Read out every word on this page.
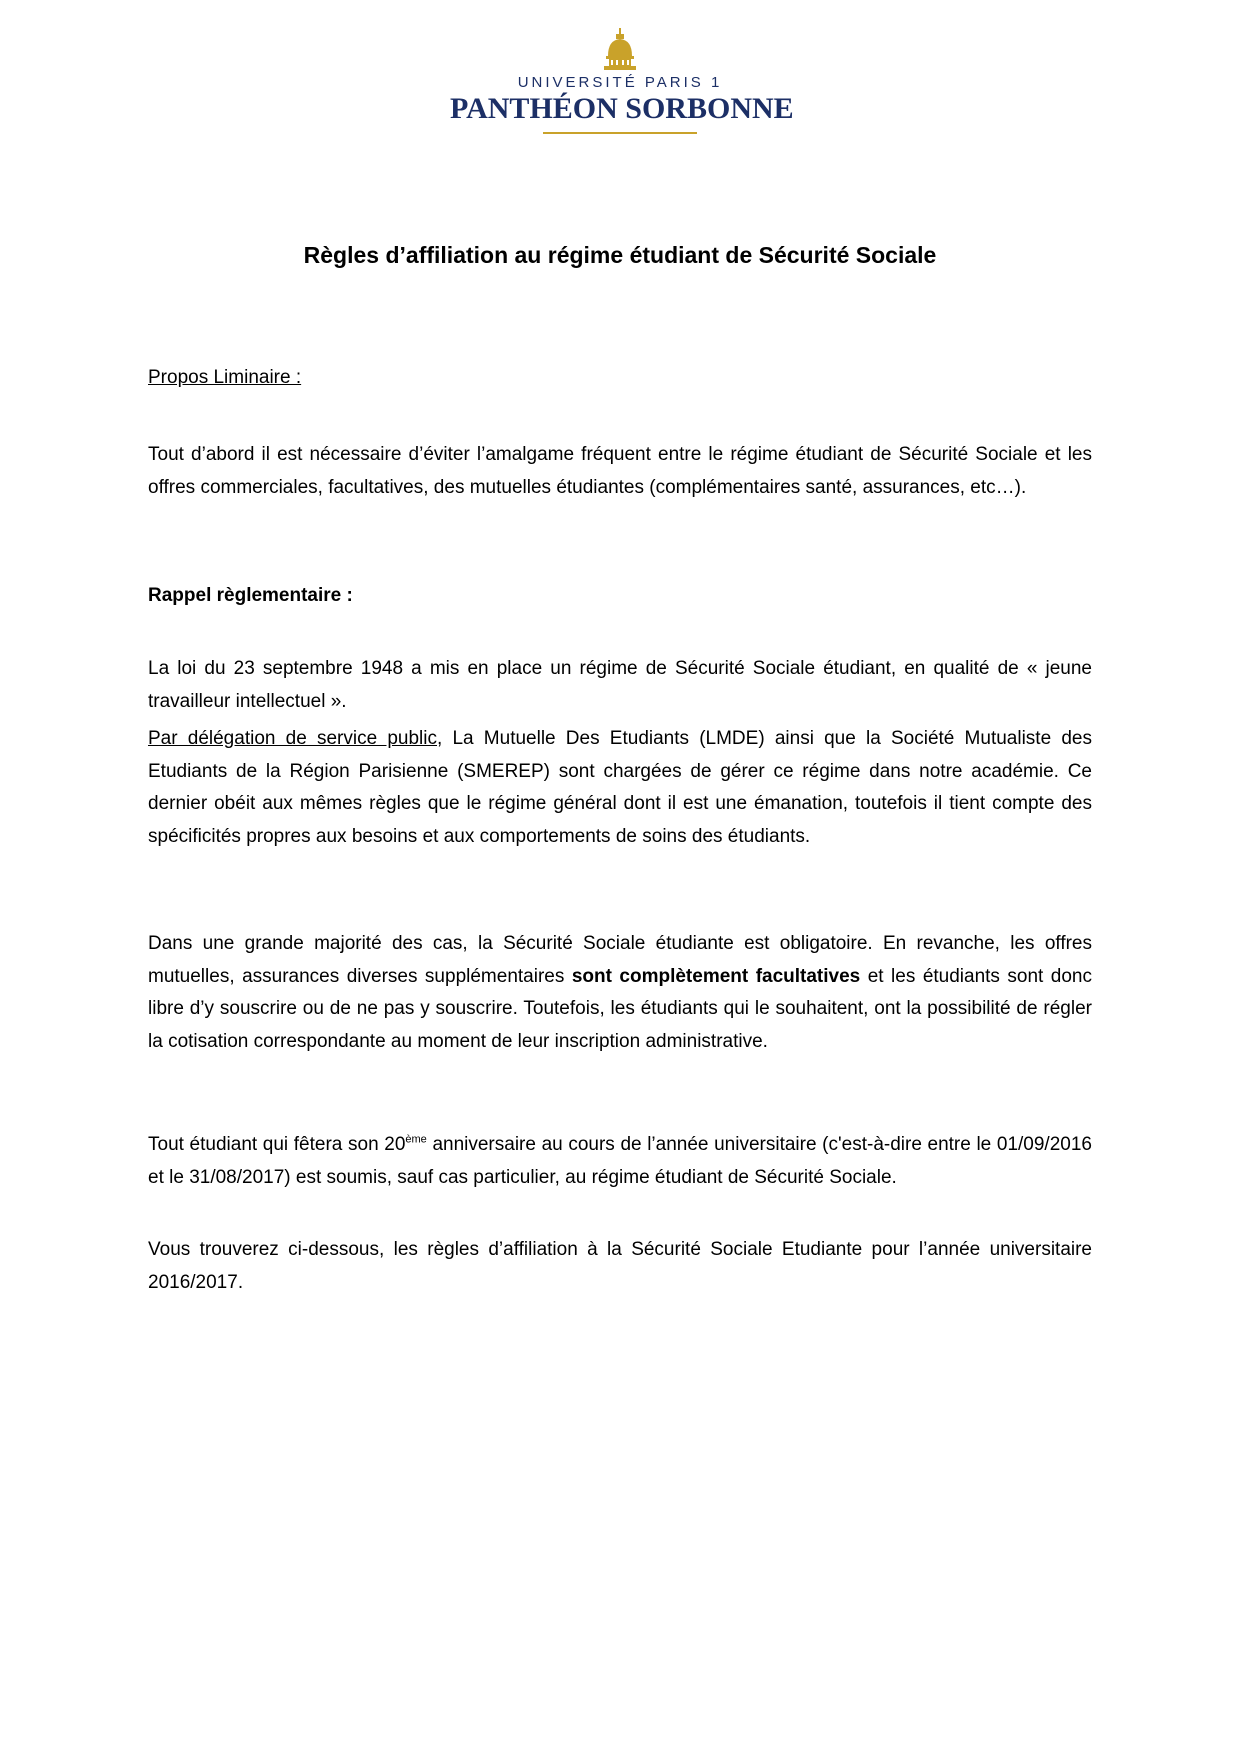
UNIVERSITÉ PARIS 1
PANTHÉON SORBONNE
Règles d’affiliation au régime étudiant de Sécurité Sociale

Propos Liminaire :

Tout d’abord il est nécessaire d’éviter l’amalgame fréquent entre le régime étudiant de Sécurité Sociale et les offres commerciales, facultatives, des mutuelles étudiantes (complémentaires santé, assurances, etc…).

Rappel règlementaire :

La loi du 23 septembre 1948 a mis en place un régime de Sécurité Sociale étudiant, en qualité de « jeune travailleur intellectuel ».

Par délégation de service public, La Mutuelle Des Etudiants (LMDE) ainsi que la Société Mutualiste des Etudiants de la Région Parisienne (SMEREP) sont chargées de gérer ce régime dans notre académie. Ce dernier obéit aux mêmes règles que le régime général dont il est une émanation, toutefois il tient compte des spécificités propres aux besoins et aux comportements de soins des étudiants.

Dans une grande majorité des cas, la Sécurité Sociale étudiante est obligatoire. En revanche, les offres mutuelles, assurances diverses supplémentaires sont complètement facultatives et les étudiants sont donc libre d’y souscrire ou de ne pas y souscrire. Toutefois, les étudiants qui le souhaitent, ont la possibilité de régler la cotisation correspondante au moment de leur inscription administrative.

Tout étudiant qui fêtera son 20ème anniversaire au cours de l’année universitaire (c'est-à-dire entre le 01/09/2016 et le 31/08/2017) est soumis, sauf cas particulier, au régime étudiant de Sécurité Sociale.

Vous trouverez ci-dessous, les règles d’affiliation à la Sécurité Sociale Etudiante pour l’année universitaire 2016/2017.
